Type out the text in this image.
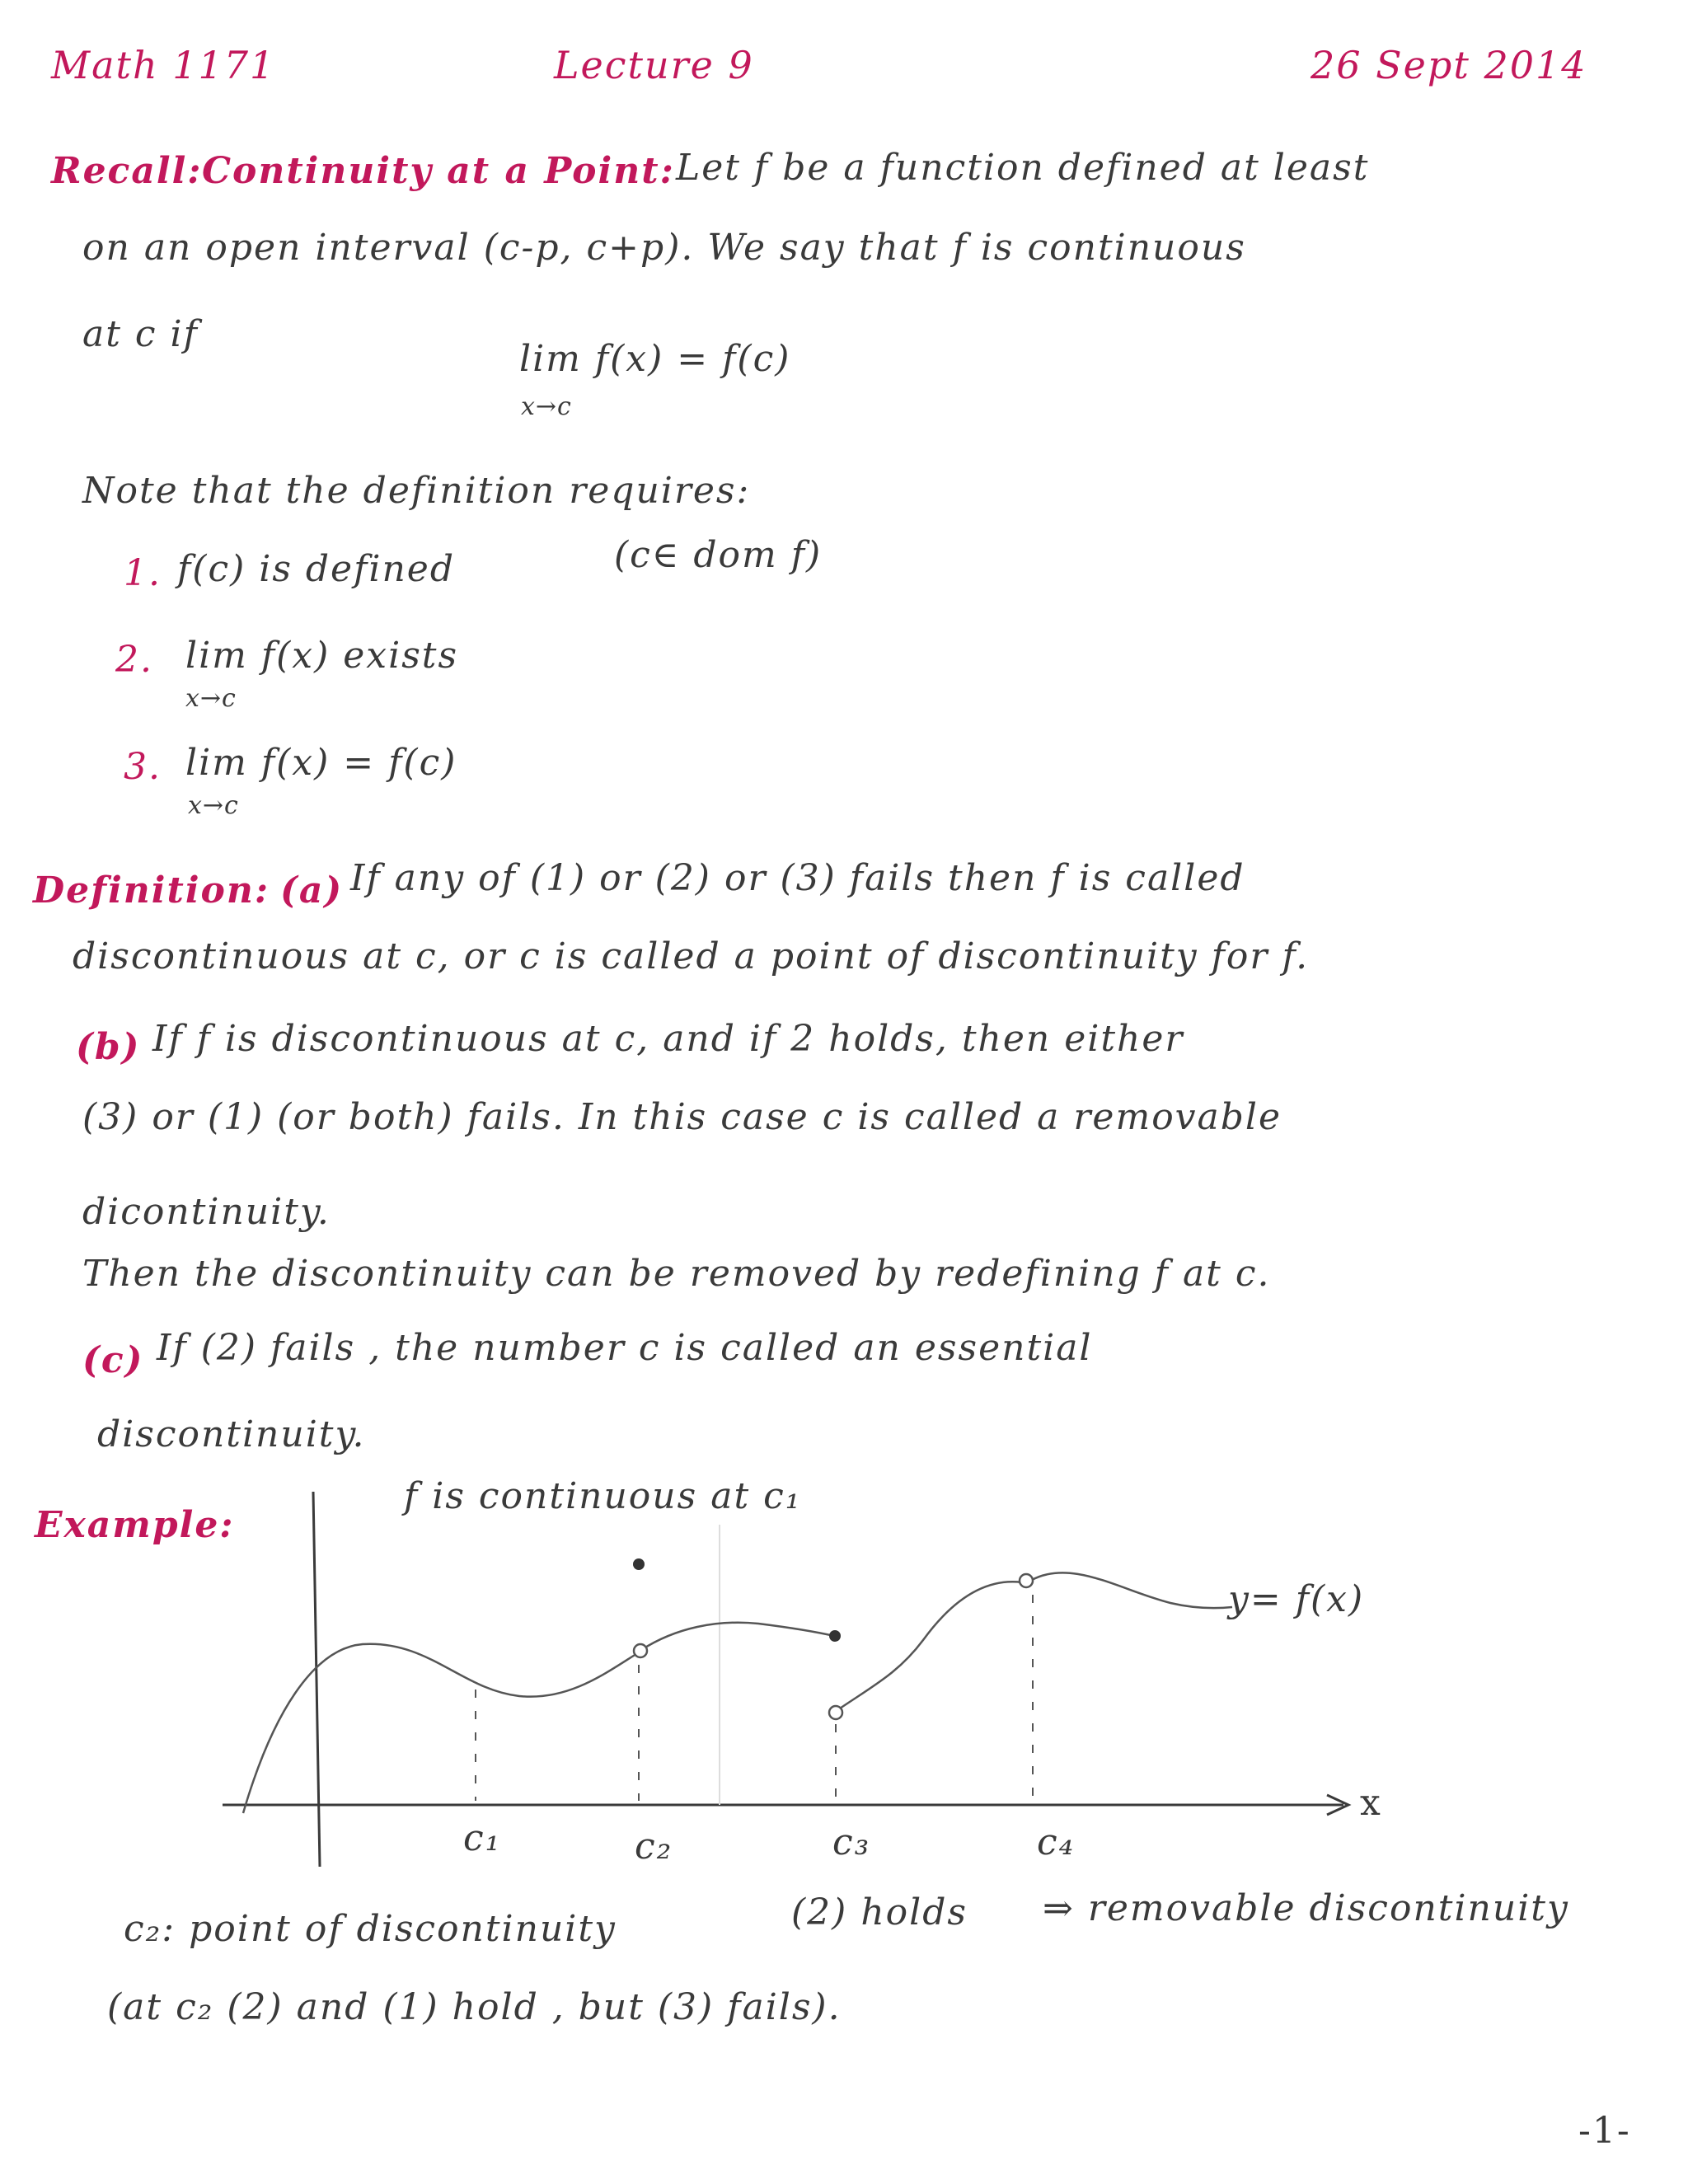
Math 1171	Lecture 9	26 Sept 2014
Recall: Continuity at a Point: Let f be a function defined at least
on an open interval (c-p, c+p). We say that f is continuous
at c if
lim f(x) = f(c)
x→c
Note that the definition requires:
1. f(c) is defined	(c∈ dom f)
2. lim f(x) exists
x→c
3. lim f(x) = f(c)
x→c
Definition: (a) If any of (1) or (2) or (3) fails then f is called
discontinuous at c, or c is called a point of discontinuity for f.
(b) If f is discontinuous at c, and if 2 holds, then either
(3) or (1) (or both) fails. In this case c is called a removable
dicontinuity.
Then the discontinuity can be removed by redefining f at c.
(c) If (2) fails , the number c is called an essential
discontinuity.
Example:
f is continuous at c₁
y= f(x)
x
c₁	c₂	c₃	c₄
c₂: point of discontinuity	(2) holds ⇒ removable discontinuity
(at c₂ (2) and (1) hold , but (3) fails).
-1-
